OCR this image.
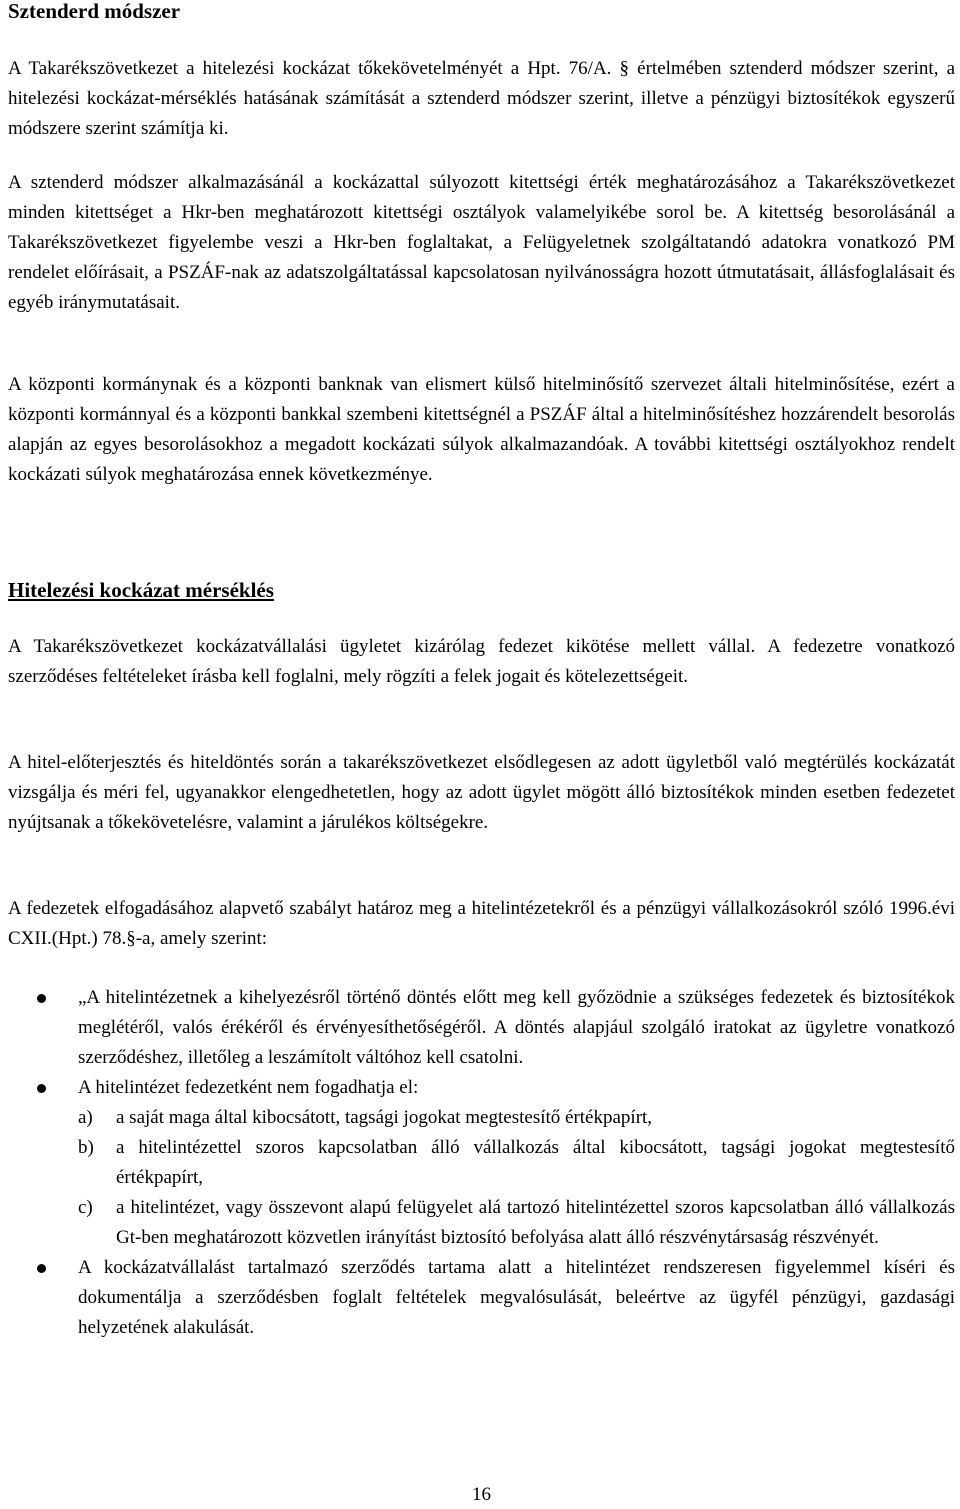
Sztenderd módszer

A Takarékszövetkezet a hitelezési kockázat tőkekövetelményét a Hpt. 76/A. § értelmében sztenderd módszer szerint, a hitelezési kockázat-mérséklés hatásának számítását a sztenderd módszer szerint, illetve a pénzügyi biztosítékok egyszerű módszere szerint számítja ki.

A sztenderd módszer alkalmazásánál a kockázattal súlyozott kitettségi érték meghatározásához a Takarékszövetkezet minden kitettséget a Hkr-ben meghatározott kitettségi osztályok valamelyikébe sorol be. A kitettség besorolásánál a Takarékszövetkezet figyelembe veszi a Hkr-ben foglaltakat, a Felügyeletnek szolgáltatandó adatokra vonatkozó PM rendelet előírásait, a PSZÁF-nak az adatszolgáltatással kapcsolatosan nyilvánosságra hozott útmutatásait, állásfoglalásait és egyéb iránymutatásait.

A központi kormánynak és a központi banknak van elismert külső hitelminősítő szervezet általi hitelminősítése, ezért a központi kormánnyal és a központi bankkal szembeni kitettségnél a PSZÁF által a hitelminősítéshez hozzárendelt besorolás alapján az egyes besorolásokhoz a megadott kockázati súlyok alkalmazandóak. A további kitettségi osztályokhoz rendelt kockázati súlyok meghatározása ennek következménye.

Hitelezési kockázat mérséklés

A Takarékszövetkezet kockázatvállalási ügyletet kizárólag fedezet kikötése mellett vállal. A fedezetre vonatkozó szerződéses feltételeket írásba kell foglalni, mely rögzíti a felek jogait és kötelezettségeit.

A hitel-előterjesztés és hiteldöntés során a takarékszövetkezet elsődlegesen az adott ügyletből való megtérülés kockázatát vizsgálja és méri fel, ugyanakkor elengedhetetlen, hogy az adott ügylet mögött álló biztosítékok minden esetben fedezetet nyújtsanak a tőkekövetelésre, valamint a járulékos költségekre.

A fedezetek elfogadásához alapvető szabályt határoz meg a hitelintézetekről és a pénzügyi vállalkozásokról szóló 1996.évi CXII.(Hpt.) 78.§-a, amely szerint:

„A hitelintézetnek a kihelyezésről történő döntés előtt meg kell győzödnie a szükséges fedezetek és biztosítékok meglétéről, valós érékéről és érvényesíthetőségéről. A döntés alapjául szolgáló iratokat az ügyletre vonatkozó szerződéshez, illetőleg a leszámítolt váltóhoz kell csatolni.
A hitelintézet fedezetként nem fogadhatja el:
a) a saját maga által kibocsátott, tagsági jogokat megtestesítő értékpapírt,
b) a hitelintézettel szoros kapcsolatban álló vállalkozás által kibocsátott, tagsági jogokat megtestesítő értékpapírt,
c) a hitelintézet, vagy összevont alapú felügyelet alá tartozó hitelintézettel szoros kapcsolatban álló vállalkozás Gt-ben meghatározott közvetlen irányítást biztosító befolyása alatt álló részvénytársaság részvényét.
A kockázatvállalást tartalmazó szerződés tartama alatt a hitelintézet rendszeresen figyelemmel kíséri és dokumentálja a szerződésben foglalt feltételek megvalósulását, beleértve az ügyfél pénzügyi, gazdasági helyzetének alakulását.

16
